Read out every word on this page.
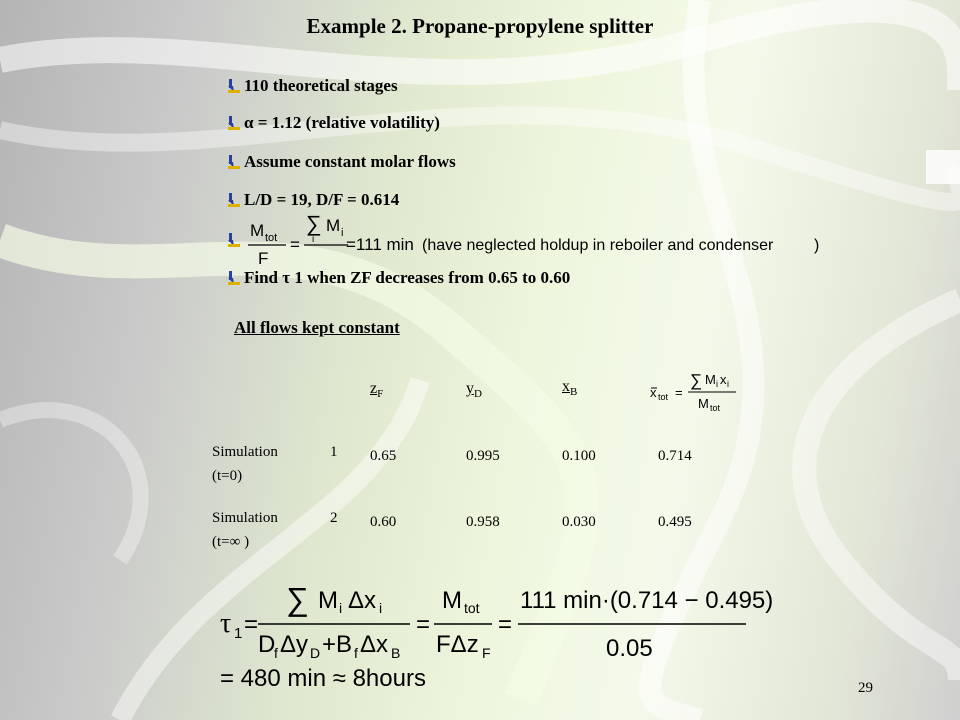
Example 2. Propane-propylene splitter
110 theoretical stages
α = 1.12 (relative volatility)
Assume constant molar flows
L/D = 19, D/F = 0.614
M tot
F
=
∑ M i
i =111 min (have neglected holdup in reboiler and condenser	)
Find τ 1 when ZF decreases from 0.65 to 0.60
All flows kept constant
$z_F$	$y_D$	$x_B$	x tot =
∑ M i x i
M tot
Simulation
(t=0)
1 0.65	0.995	0.100	0.714
Simulation
(t=∞ )
2 0.60	0.958	0.030	0.495
τ 1 =
∑ M i Δx i
D
f Δy D +B f Δx B
=
M tot
FΔz F
=
111 min·(0.714 − 0.495)
0.05
= 480 min ≈ 8hours	29
